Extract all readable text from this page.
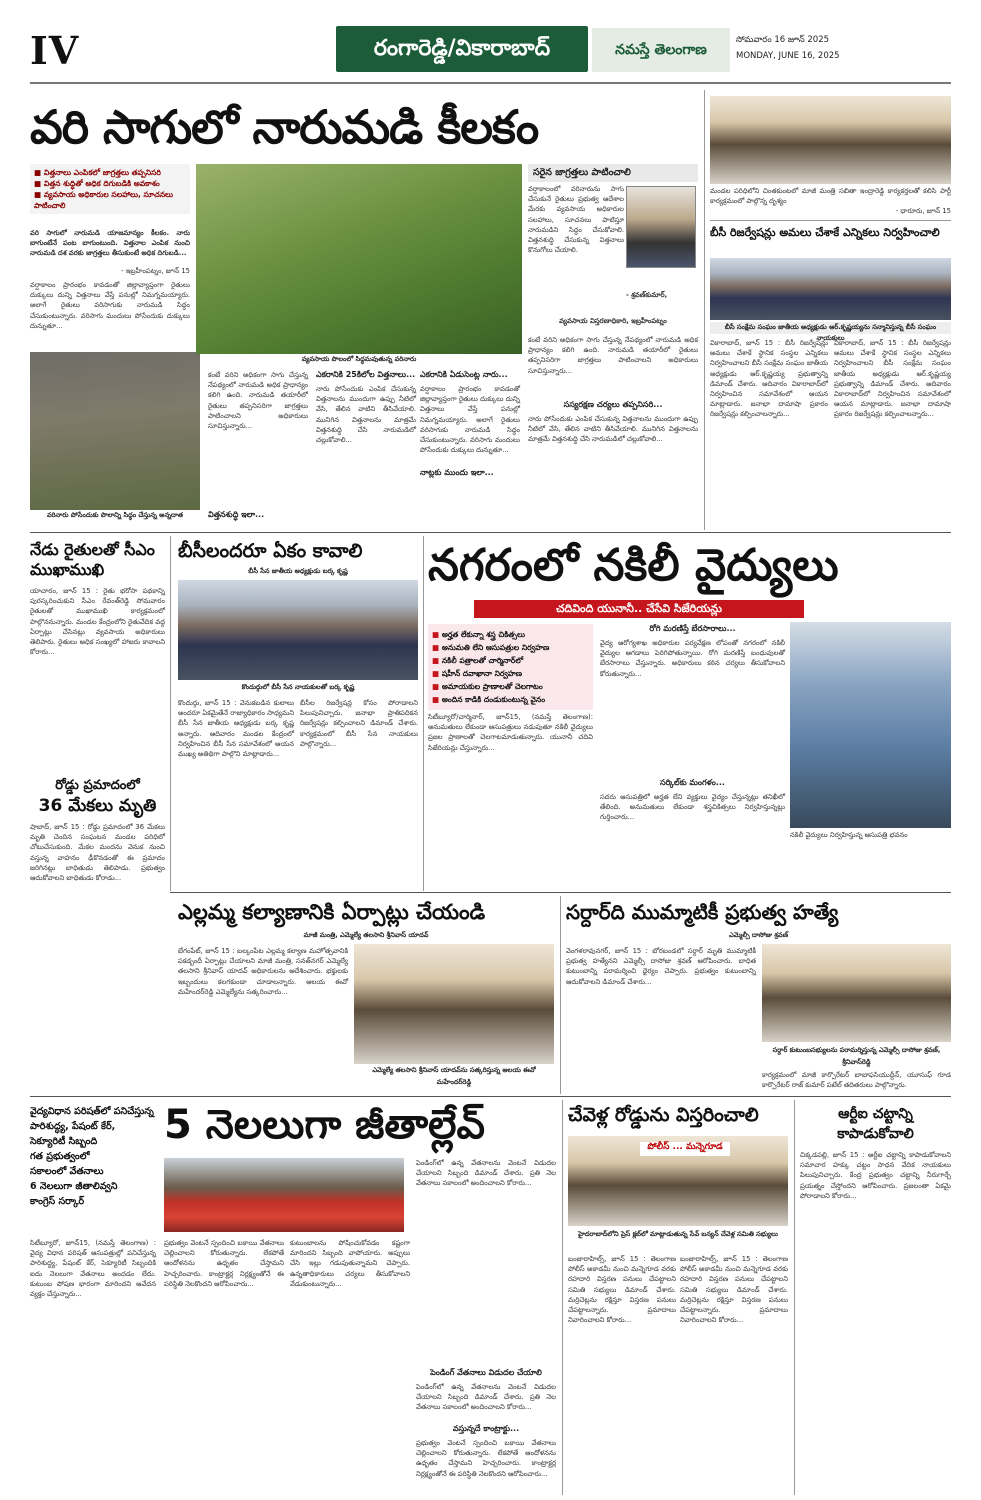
IV	రంగారెడ్డి/వికారాబాద్	నమస్తే తెలంగాణ
సోమవారం 16 జూన్ 2025
MONDAY, JUNE 16, 2025
వరి సాగులో నారుమడి కీలకం
■ విత్తనాలు ఎంపికలో జాగ్రత్తలు తప్పనిసరి
■ విత్తన శుద్ధితో అధిక దిగుబడికి అవకాశం
■ వ్యవసాయ అధికారుల సలహాలు, సూచనలు పాటించాలి
వరి సాగులో నారుమడి యాజమాన్యం కీలకం. నారు బాగుంటేనే పంట బాగుంటుంది. విత్తనాల ఎంపిక నుంచి నారుమడి దశ వరకు జాగ్రత్తలు తీసుకుంటే అధిక దిగుబడి...
- ఇబ్రహీంపట్నం, జూన్ 15
వర్షాకాలం ప్రారంభం కావడంతో జిల్లావ్యాప్తంగా రైతులు దుక్కులు దున్ని విత్తనాలు వేస్తే పనుల్లో నిమగ్నమయ్యారు. అలాగే రైతులు వరిసాగుకు నారుమడి సిద్ధం చేసుకుంటున్నారు. వరిసాగు మందులు పోసేందుకు దుక్కులు దున్నుతూ...
వరినారు పోసేందుకు పొలాన్ని సిద్ధం చేస్తున్న అన్నదాత
వ్యవసాయ పొలంలో సిద్ధమవుతున్న వరినారు
కంటే వరిని అధికంగా సాగు చేస్తున్న నేపథ్యంలో నారుమడి అధిక ప్రాధాన్యం కలిగి ఉంది. నారుమడి తయారీలో రైతులు తప్పనిసరిగా జాగ్రత్తలు పాటించాలని అధికారులు సూచిస్తున్నారు...
విత్తనశుద్ధి ఇలా...
ఎకరానికి 25కిలోల విత్తనాలు...
నారు పోసేందుకు ఎంపిక చేసుకున్న విత్తనాలను ముందుగా ఉప్పు నీటిలో వేసి, తేలిన వాటిని తీసివేయాలి. మునిగిన విత్తనాలను మాత్రమే విత్తనశుద్ధి చేసి నారుమడిలో చల్లుకోవాలి...
ఎకరానికి ఏడుసెంట్ల నారు...
వర్షాకాలం ప్రారంభం కావడంతో జిల్లావ్యాప్తంగా రైతులు దుక్కులు దున్ని విత్తనాలు వేస్తే పనుల్లో నిమగ్నమయ్యారు. అలాగే రైతులు వరిసాగుకు నారుమడి సిద్ధం చేసుకుంటున్నారు. వరిసాగు మందులు పోసేందుకు దుక్కులు దున్నుతూ...
నాట్లకు ముందు ఇలా...
సరైన జాగ్రత్తలు పాటించాలి
వర్షాకాలంలో వరినారును సాగు చేసుకునే రైతులు ప్రభుత్వ ఆదేశాల మేరకు వ్యవసాయ అధికారుల సలహాలు, సూచనలు పాటిస్తూ నారుమడిని సిద్ధం చేసుకోవాలి. విత్తనశుద్ధి చేసుకున్న విత్తనాలు కొనుగోలు చేయాలి.
- శ్రవణ్‌కుమార్,
వ్యవసాయ విస్తరణాధికారి, ఇబ్రహీంపట్నం
సస్యరక్షణ చర్యలు తప్పనిసరి...
కంటే వరిని అధికంగా సాగు చేస్తున్న నేపథ్యంలో నారుమడి అధిక ప్రాధాన్యం కలిగి ఉంది. నారుమడి తయారీలో రైతులు తప్పనిసరిగా జాగ్రత్తలు పాటించాలని అధికారులు సూచిస్తున్నారు...
నారు పోసేందుకు ఎంపిక చేసుకున్న విత్తనాలను ముందుగా ఉప్పు నీటిలో వేసి, తేలిన వాటిని తీసివేయాలి. మునిగిన విత్తనాలను మాత్రమే విత్తనశుద్ధి చేసి నారుమడిలో చల్లుకోవాలి...
మండల పరిధిలోని చింతకుంటలో మాజీ మంత్రి సబితా ఇంద్రారెడ్డి కార్యకర్తలతో కలిసి పార్టీ కార్యక్రమంలో పాల్గొన్న దృశ్యం
- ధారూరు, జూన్ 15
బీసీ రిజర్వేషన్లు అమలు చేశాకే ఎన్నికలు నిర్వహించాలి
బీసీ సంక్షేమ సంఘం జాతీయ అధ్యక్షుడు ఆర్.కృష్ణయ్యను సన్మానిస్తున్న బీసీ సంఘం నాయకులు
వికారాబాద్, జూన్ 15 : బీసీ రిజర్వేషన్లు అమలు చేశాకే స్థానిక సంస్థల ఎన్నికలు నిర్వహించాలని బీసీ సంక్షేమ సంఘం జాతీయ అధ్యక్షుడు ఆర్.కృష్ణయ్య ప్రభుత్వాన్ని డిమాండ్ చేశారు. ఆదివారం వికారాబాద్‌లో నిర్వహించిన సమావేశంలో ఆయన మాట్లాడారు. జనాభా దామాషా ప్రకారం రిజర్వేషన్లు కల్పించాలన్నారు...
వికారాబాద్, జూన్ 15 : బీసీ రిజర్వేషన్లు అమలు చేశాకే స్థానిక సంస్థల ఎన్నికలు నిర్వహించాలని బీసీ సంక్షేమ సంఘం జాతీయ అధ్యక్షుడు ఆర్.కృష్ణయ్య ప్రభుత్వాన్ని డిమాండ్ చేశారు. ఆదివారం వికారాబాద్‌లో నిర్వహించిన సమావేశంలో ఆయన మాట్లాడారు. జనాభా దామాషా ప్రకారం రిజర్వేషన్లు కల్పించాలన్నారు...
నేడు రైతులతో సీఎం ముఖాముఖి
యాచారం, జూన్ 15 : రైతు భరోసా పథకాన్ని పురస్కరించుకుని సీఎం రేవంత్‌రెడ్డి సోమవారం రైతులతో ముఖాముఖి కార్యక్రమంలో పాల్గొననున్నారు. మండల కేంద్రంలోని రైతువేదిక వద్ద ఏర్పాట్లు చేసినట్లు వ్యవసాయ అధికారులు తెలిపారు. రైతులు అధిక సంఖ్యలో హాజరు కావాలని కోరారు...
రోడ్డు ప్రమాదంలో
36 మేకలు మృతి
షాబాద్, జూన్ 15 : రోడ్డు ప్రమాదంలో 36 మేకలు మృతి చెందిన సంఘటన మండల పరిధిలో చోటుచేసుకుంది. మేకల మందను వెనుక నుంచి వస్తున్న వాహనం ఢీకొనడంతో ఈ ప్రమాదం జరిగినట్లు బాధితుడు తెలిపాడు. ప్రభుత్వం ఆదుకోవాలని బాధితుడు కోరాడు...
బీసీలందరూ ఏకం కావాలి
బీసీ సేన జాతీయ అధ్యక్షుడు బర్క కృష్ణ
కొందుర్గులో బీసీ సేన నాయకులతో బర్క కృష్ణ
కొందుర్గు, జూన్ 15 : వెనుకబడిన కులాలు అందరూ ఏకమైతేనే రాజ్యాధికారం సాధ్యమని బీసీ సేన జాతీయ అధ్యక్షుడు బర్క కృష్ణ అన్నారు. ఆదివారం మండల కేంద్రంలో నిర్వహించిన బీసీ సేన సమావేశంలో ఆయన ముఖ్య అతిథిగా పాల్గొని మాట్లాడారు...
బీసీల రిజర్వేషన్ల కోసం పోరాడాలని పిలుపునిచ్చారు. జనాభా ప్రాతిపదికన రిజర్వేషన్లు కల్పించాలని డిమాండ్ చేశారు. కార్యక్రమంలో బీసీ సేన నాయకులు పాల్గొన్నారు...
నగరంలో నకిలీ వైద్యులు
చదివింది యునానీ.. చేసేవి సిజేరియన్లు
■ అర్హత లేకున్నా శస్త్ర చికిత్సలు
■ అనుమతి లేని ఆసుపత్రుల నిర్వహణ
■ నకిలీ పత్రాలతో చార్మినార్‌లో
■ షహీన్ దవాఖానా నిర్వహణ
■ అమాయకుల ప్రాణాలతో చెలగాటం
■ అందిన కాడికి దండుకుంటున్న వైనం
సిటీబ్యూరో/చార్మినార్, జూన్15, (నమస్తే తెలంగాణ): అనుమతులు లేకుండా ఆసుపత్రులు నడుపుతూ నకిలీ వైద్యులు ప్రజల ప్రాణాలతో చెలగాటమాడుతున్నారు. యునానీ చదివి సిజేరియన్లు చేస్తున్నారు...
రోగి మరణిస్తే బేరసారాలు...
వైద్య ఆరోగ్యశాఖ అధికారుల పర్యవేక్షణ లోపంతో నగరంలో నకిలీ వైద్యుల ఆగడాలు పెరిగిపోతున్నాయి. రోగి మరణిస్తే బంధువులతో బేరసారాలు చేస్తున్నారు. అధికారులు కఠిన చర్యలు తీసుకోవాలని కోరుతున్నారు...
సర్కిల్‌కు మంగళం...
సదరు ఆసుపత్రిలో అర్హత లేని వ్యక్తులు వైద్యం చేస్తున్నట్లు తనిఖీలో తేలింది. అనుమతులు లేకుండా శస్త్రచికిత్సలు నిర్వహిస్తున్నట్లు గుర్తించారు...
నకిలీ వైద్యులు నిర్వహిస్తున్న ఆసుపత్రి భవనం
ఎల్లమ్మ కల్యాణానికి ఏర్పాట్లు చేయండి
మాజీ మంత్రి, ఎమ్మెల్యే తలసాని శ్రీనివాస్ యాదవ్
బేగంపేట్, జూన్ 15 : బల్కంపేట ఎల్లమ్మ కల్యాణ మహోత్సవానికి పకడ్బందీ ఏర్పాట్లు చేయాలని మాజీ మంత్రి, సనత్‌నగర్ ఎమ్మెల్యే తలసాని శ్రీనివాస్ యాదవ్ అధికారులను ఆదేశించారు. భక్తులకు ఇబ్బందులు కలగకుండా చూడాలన్నారు. ఆలయ ఈవో మహేందర్‌రెడ్డి ఎమ్మెల్యేను సత్కరించారు...
ఎమ్మెల్యే తలసాని శ్రీనివాస్ యాదవ్‌ను సత్కరిస్తున్న ఆలయ ఈవో మహేందర్‌రెడ్డి
సర్దార్‌ది ముమ్మాటికీ ప్రభుత్వ హత్యే
ఎమ్మెల్సీ దాసోజు శ్రవణ్
వెంగళరావునగర్, జూన్ 15 : బోరబండలో సర్దార్ మృతి ముమ్మాటికీ ప్రభుత్వ హత్యేనని ఎమ్మెల్సీ దాసోజు శ్రవణ్ ఆరోపించారు. బాధిత కుటుంబాన్ని పరామర్శించి ధైర్యం చెప్పారు. ప్రభుత్వం కుటుంబాన్ని ఆదుకోవాలని డిమాండ్ చేశారు...
సర్దార్ కుటుంబసభ్యులను పరామర్శిస్తున్న ఎమ్మెల్సీ దాసోజు శ్రవణ్, శ్రీనివాస్‌రెడ్డి
కార్యక్రమంలో మాజీ కార్పొరేటర్ బాబాఫసియుద్దీన్, యూసుఫ్ గూడ కార్పొరేటర్ రాజ్ కుమార్ పటేల్ తదితరులు పాల్గొన్నారు.
వైద్యవిధాన పరిషత్‌లో పనిచేస్తున్న
పారిశుద్ధ్య, పేషంట్ కేర్,
సెక్యూరిటీ సిబ్బంది
గత ప్రభుత్వంలో
సకాలంలో వేతనాలు
6 నెలలుగా జీతాలివ్వని
కాంగ్రెస్ సర్కార్
5 నెలలుగా జీతాల్లేవ్
సిటీబ్యూరో, జూన్15, (నమస్తే తెలంగాణ) : వైద్య విధాన పరిషత్ ఆసుపత్రుల్లో పనిచేస్తున్న పారిశుద్ధ్య, పేషంట్ కేర్, సెక్యూరిటీ సిబ్బందికి ఐదు నెలలుగా వేతనాలు అందడం లేదు. కుటుంబ పోషణ భారంగా మారిందని ఆవేదన వ్యక్తం చేస్తున్నారు...
ప్రభుత్వం వెంటనే స్పందించి బకాయి వేతనాలు చెల్లించాలని కోరుతున్నారు. లేకపోతే ఆందోళనను ఉధృతం చేస్తామని హెచ్చరించారు. కాంట్రాక్టర్ల నిర్లక్ష్యంతోనే ఈ పరిస్థితి నెలకొందని ఆరోపించారు...
కుటుంబాలను పోషించుకోవడం కష్టంగా మారిందని సిబ్బంది వాపోయారు. అప్పులు చేసి ఇల్లు గడుపుతున్నామని చెప్పారు. ఉన్నతాధికారులు చర్యలు తీసుకోవాలని వేడుకుంటున్నారు...
పెండింగ్‌లో ఉన్న వేతనాలను వెంటనే విడుదల చేయాలని సిబ్బంది డిమాండ్ చేశారు. ప్రతి నెల వేతనాలు సకాలంలో అందించాలని కోరారు...
పెండింగ్ వేతనాలు విడుదల చేయాలి
పెండింగ్‌లో ఉన్న వేతనాలను వెంటనే విడుదల చేయాలని సిబ్బంది డిమాండ్ చేశారు. ప్రతి నెల వేతనాలు సకాలంలో అందించాలని కోరారు...
వస్తున్నదే కాంట్రాక్టు...
ప్రభుత్వం వెంటనే స్పందించి బకాయి వేతనాలు చెల్లించాలని కోరుతున్నారు. లేకపోతే ఆందోళనను ఉధృతం చేస్తామని హెచ్చరించారు. కాంట్రాక్టర్ల నిర్లక్ష్యంతోనే ఈ పరిస్థితి నెలకొందని ఆరోపించారు...
చేవెళ్ల రోడ్డును విస్తరించాలి
పోలీస్ ... మన్నెగూడ
హైదరాబాద్‌లోని ప్రెస్ క్లబ్‌లో మాట్లాడుతున్న సేవ్ బన్యన్ చేవెళ్ల సమితి సభ్యులు
బంజారాహిల్స్, జూన్ 15 : తెలంగాణ పోలీస్ అకాడమీ నుంచి మన్నెగూడ వరకు రహదారి విస్తరణ పనులు చేపట్టాలని సమితి సభ్యులు డిమాండ్ చేశారు. మర్రిచెట్లను రక్షిస్తూ విస్తరణ పనులు చేపట్టాలన్నారు. ప్రమాదాలు నివారించాలని కోరారు...
బంజారాహిల్స్, జూన్ 15 : తెలంగాణ పోలీస్ అకాడమీ నుంచి మన్నెగూడ వరకు రహదారి విస్తరణ పనులు చేపట్టాలని సమితి సభ్యులు డిమాండ్ చేశారు. మర్రిచెట్లను రక్షిస్తూ విస్తరణ పనులు చేపట్టాలన్నారు. ప్రమాదాలు నివారించాలని కోరారు...
ఆర్టీఐ చట్టాన్ని కాపాడుకోవాలి
చిక్కడపల్లి, జూన్ 15 : ఆర్టీఐ చట్టాన్ని కాపాడుకోవాలని సమాచార హక్కు చట్టం సాధన వేదిక నాయకులు పిలుపునిచ్చారు. కేంద్ర ప్రభుత్వం చట్టాన్ని నీరుగార్చే ప్రయత్నం చేస్తోందని ఆరోపించారు. ప్రజలంతా ఏకమై పోరాడాలని కోరారు...
